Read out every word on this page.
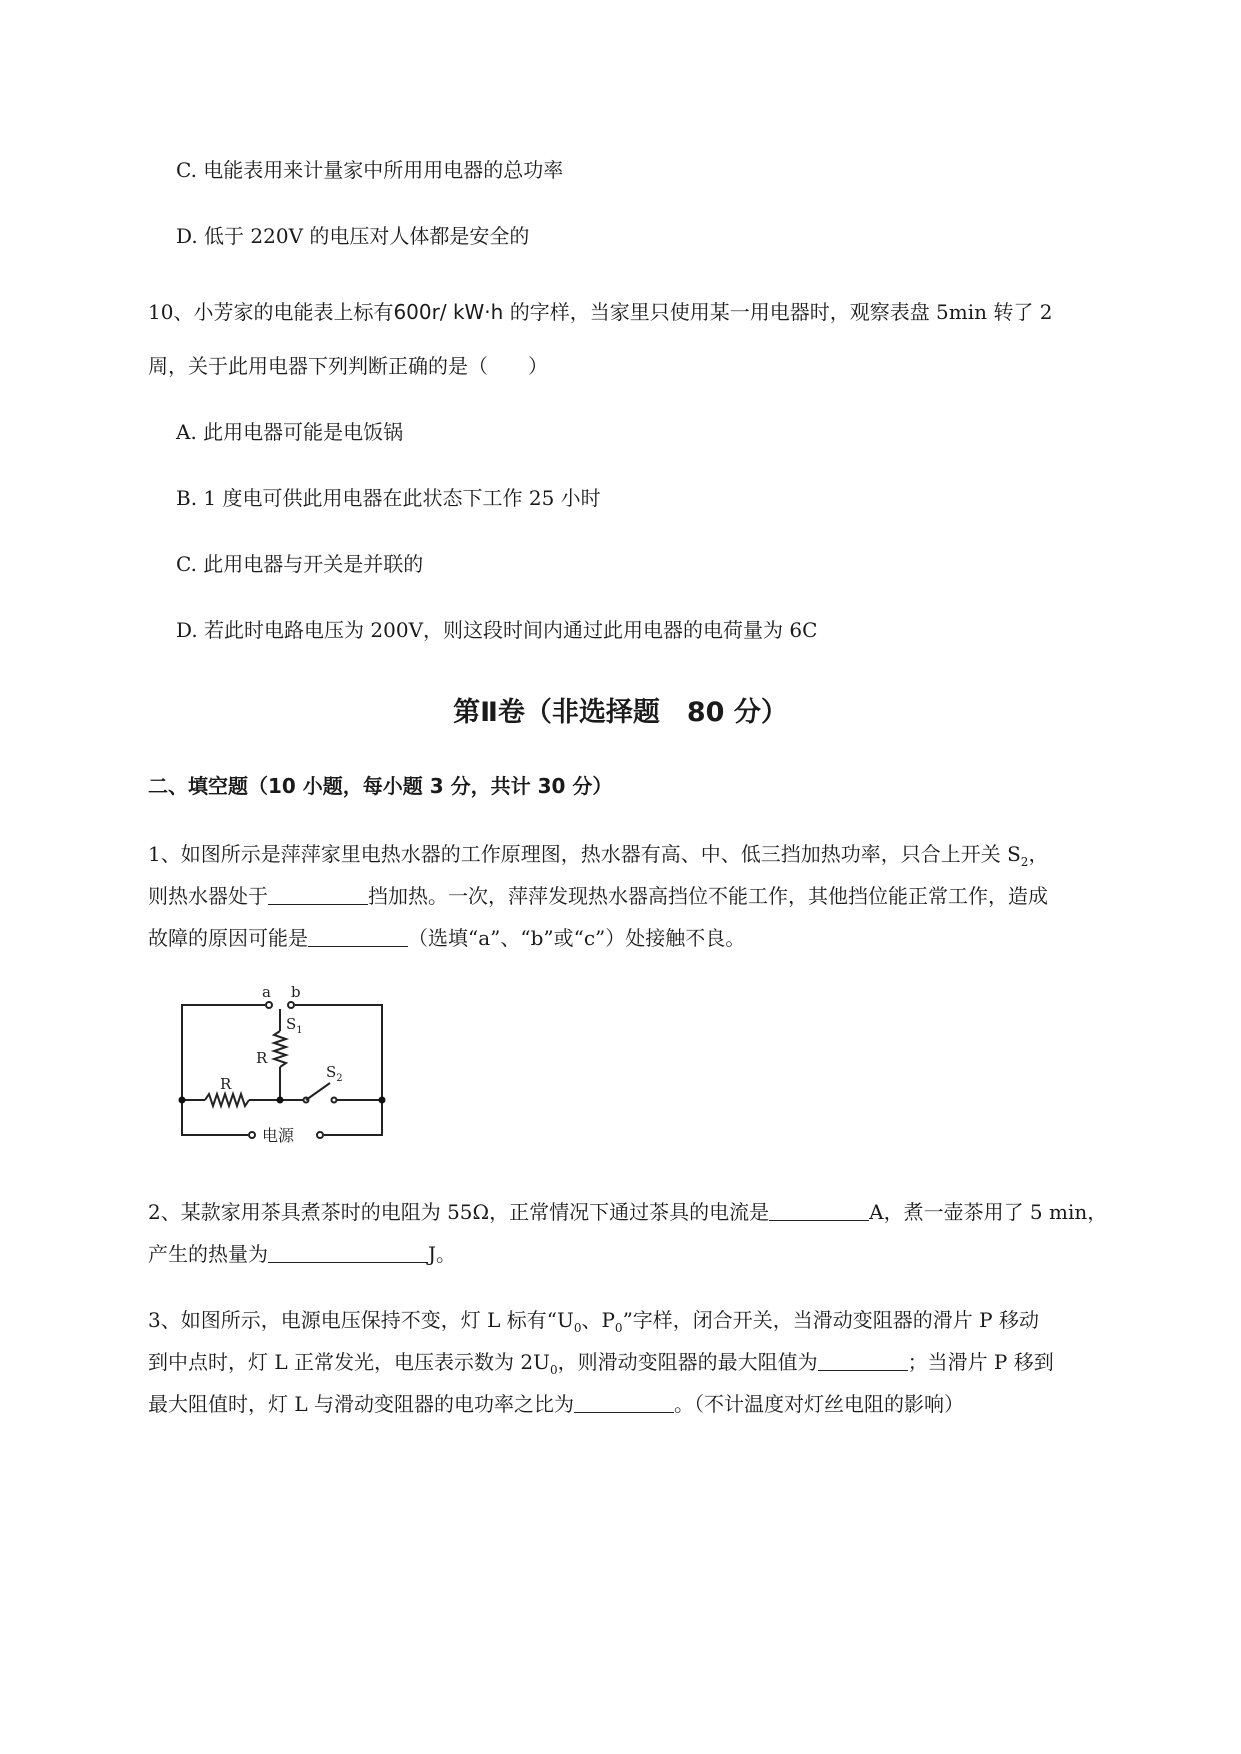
C. 电能表用来计量家中所用用电器的总功率
D. 低于 220V 的电压对人体都是安全的
10、小芳家的电能表上标有600r/ kW·h 的字样，当家里只使用某一用电器时，观察表盘 5min 转了 2
周，关于此用电器下列判断正确的是（　　）
A. 此用电器可能是电饭锅
B. 1 度电可供此用电器在此状态下工作 25 小时
C. 此用电器与开关是并联的
D. 若此时电路电压为 200V，则这段时间内通过此用电器的电荷量为 6C
第Ⅱ卷（非选择题　80 分）
二、填空题（10 小题，每小题 3 分，共计 30 分）
1、如图所示是萍萍家里电热水器的工作原理图，热水器有高、中、低三挡加热功率，只合上开关 $S_2$，
则热水器处于	挡加热。一次，萍萍发现热水器高挡位不能工作，其他挡位能正常工作，造成
故障的原因可能是	（选填“a”、“b”或“c”）处接触不良。
a b
$S_1$
R
R
$S_2$
电源
2、某款家用茶具煮茶时的电阻为 55Ω，正常情况下通过茶具的电流是	A，煮一壶茶用了 5 min，
产生的热量为	J。
3、如图所示，电源电压保持不变，灯 L 标有“$U_0$、$P_0$”字样，闭合开关，当滑动变阻器的滑片 P 移动
到中点时，灯 L 正常发光，电压表示数为 $2U_0$，则滑动变阻器的最大阻值为	；当滑片 P 移到
最大阻值时，灯 L 与滑动变阻器的电功率之比为	。（不计温度对灯丝电阻的影响）
